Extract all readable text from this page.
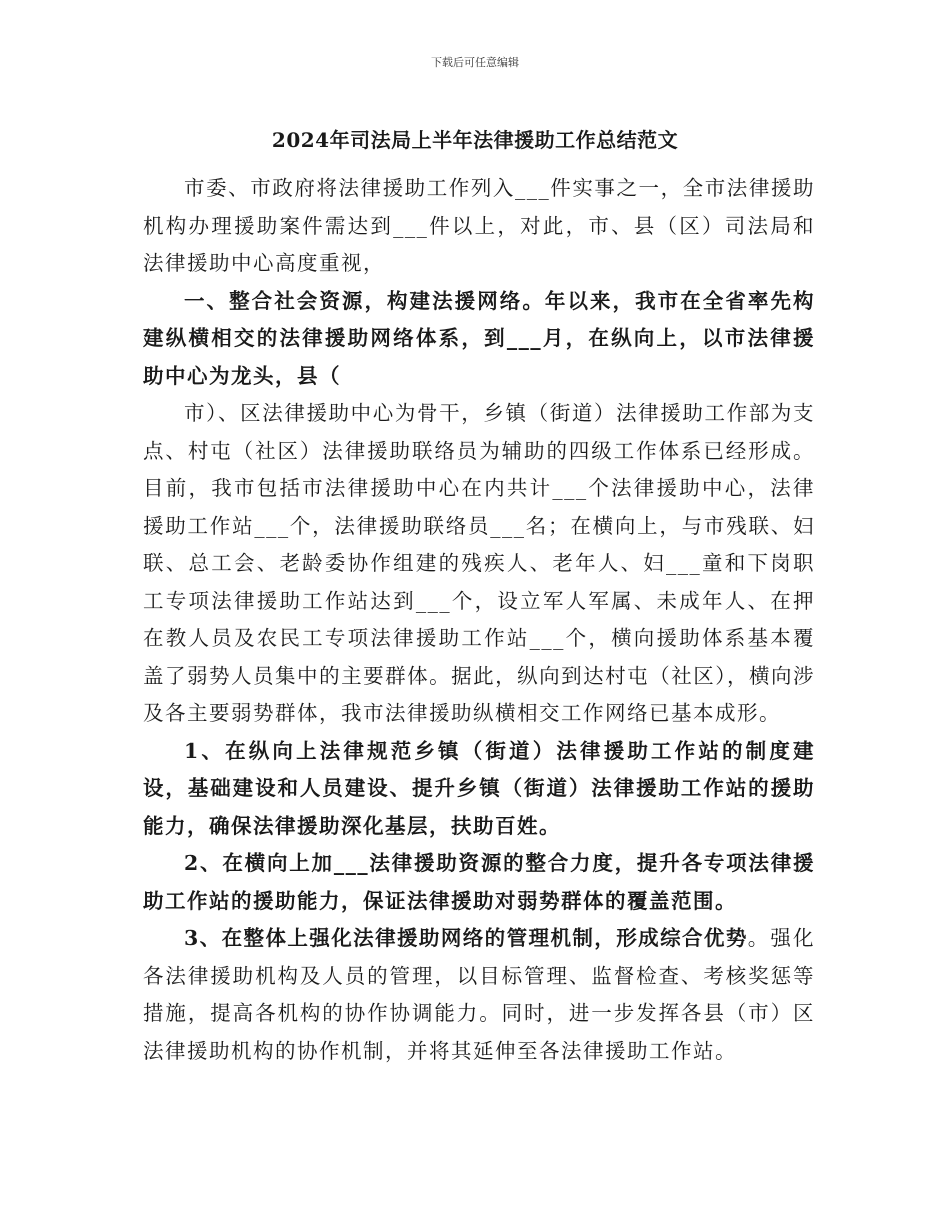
下载后可任意编辑
2024年司法局上半年法律援助工作总结范文

市委、市政府将法律援助工作列入___件实事之一，全市法律援助机构办理援助案件需达到___件以上，对此，市、县（区）司法局和法律援助中心高度重视，

一、整合社会资源，构建法援网络。年以来，我市在全省率先构建纵横相交的法律援助网络体系，到___月，在纵向上，以市法律援助中心为龙头，县（

市）、区法律援助中心为骨干，乡镇（街道）法律援助工作部为支点、村屯（社区）法律援助联络员为辅助的四级工作体系已经形成。目前，我市包括市法律援助中心在内共计___个法律援助中心，法律援助工作站___个，法律援助联络员___名；在横向上，与市残联、妇联、总工会、老龄委协作组建的残疾人、老年人、妇___童和下岗职工专项法律援助工作站达到___个，设立军人军属、未成年人、在押在教人员及农民工专项法律援助工作站___个，横向援助体系基本覆盖了弱势人员集中的主要群体。据此，纵向到达村屯（社区），横向涉及各主要弱势群体，我市法律援助纵横相交工作网络已基本成形。

1、在纵向上法律规范乡镇（街道）法律援助工作站的制度建设，基础建设和人员建设、提升乡镇（街道）法律援助工作站的援助能力，确保法律援助深化基层，扶助百姓。

2、在横向上加___法律援助资源的整合力度，提升各专项法律援助工作站的援助能力，保证法律援助对弱势群体的覆盖范围。

3、在整体上强化法律援助网络的管理机制，形成综合优势。强化各法律援助机构及人员的管理，以目标管理、监督检查、考核奖惩等措施，提高各机构的协作协调能力。同时，进一步发挥各县（市）区法律援助机构的协作机制，并将其延伸至各法律援助工作站。
